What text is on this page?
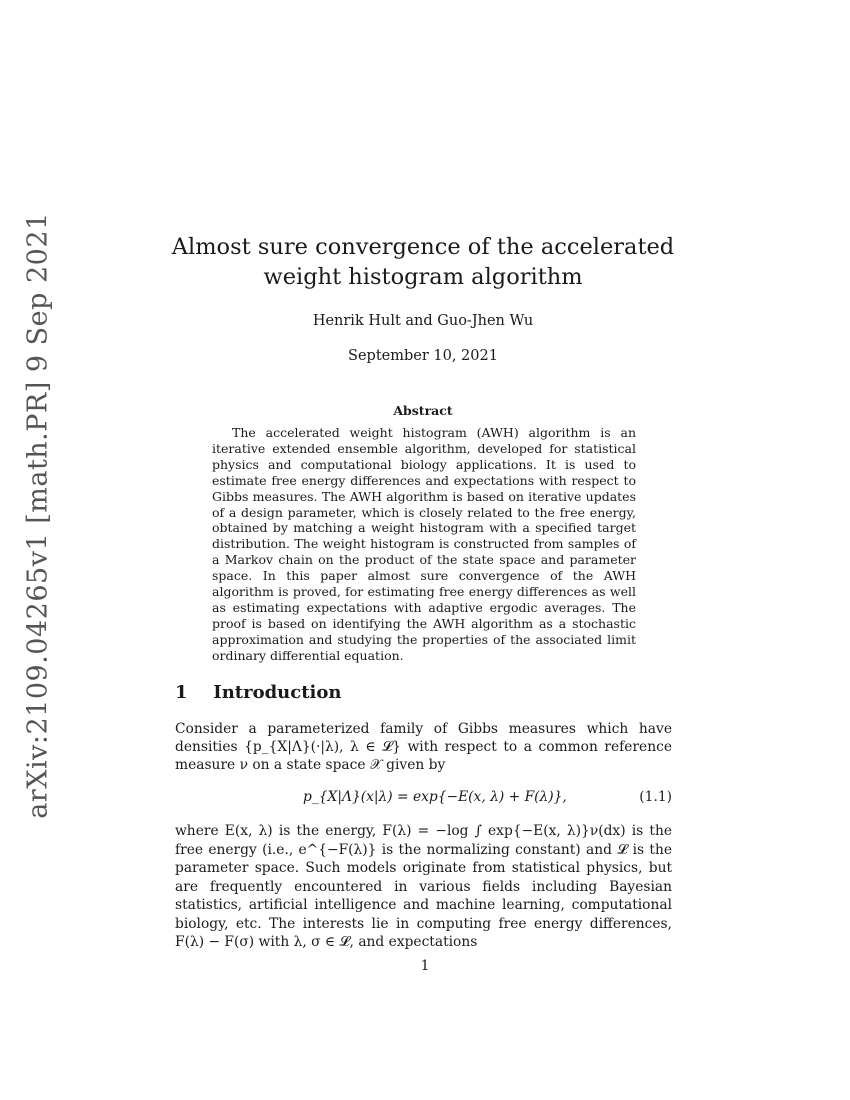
arXiv:2109.04265v1 [math.PR] 9 Sep 2021	Almost sure convergence of the accelerated weight histogram algorithm
Henrik Hult and Guo-Jhen Wu
September 10, 2021
Abstract

The accelerated weight histogram (AWH) algorithm is an iterative extended ensemble algorithm, developed for statistical physics and computational biology applications. It is used to estimate free energy differences and expectations with respect to Gibbs measures. The AWH algorithm is based on iterative updates of a design parameter, which is closely related to the free energy, obtained by matching a weight histogram with a specified target distribution. The weight histogram is constructed from samples of a Markov chain on the product of the state space and parameter space. In this paper almost sure convergence of the AWH algorithm is proved, for estimating free energy differences as well as estimating expectations with adaptive ergodic averages. The proof is based on identifying the AWH algorithm as a stochastic approximation and studying the properties of the associated limit ordinary differential equation.

1 Introduction

Consider a parameterized family of Gibbs measures which have densities {p_{X|Λ}(·|λ), λ ∈ 𝓛} with respect to a common reference measure ν on a state space 𝒳 given by

p_{X|Λ}(x|λ) = exp{−E(x, λ) + F(λ)},	(1.1)

where E(x, λ) is the energy, F(λ) = −log ∫ exp{−E(x, λ)}ν(dx) is the free energy (i.e., e^{−F(λ)} is the normalizing constant) and 𝓛 is the parameter space. Such models originate from statistical physics, but are frequently encountered in various fields including Bayesian statistics, artificial intelligence and machine learning, computational biology, etc. The interests lie in computing free energy differences, F(λ) − F(σ) with λ, σ ∈ 𝓛, and expectations

1
